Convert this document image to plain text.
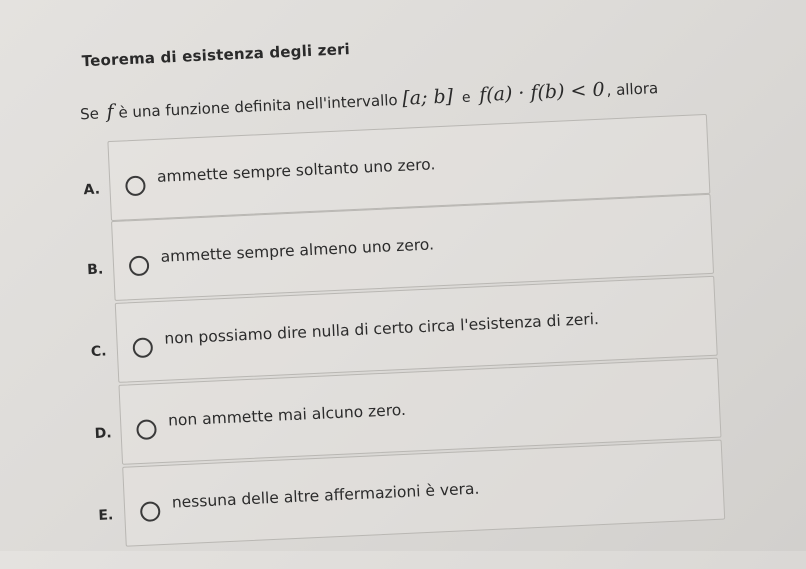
Teorema di esistenza degli zeri
Se f è una funzione definita nell'intervallo [a; b] e f(a) · f(b) < 0, allora
A.
ammette sempre soltanto uno zero.
B.
ammette sempre almeno uno zero.
C.
non possiamo dire nulla di certo circa l'esistenza di zeri.
D.
non ammette mai alcuno zero.
E.
nessuna delle altre affermazioni è vera.
